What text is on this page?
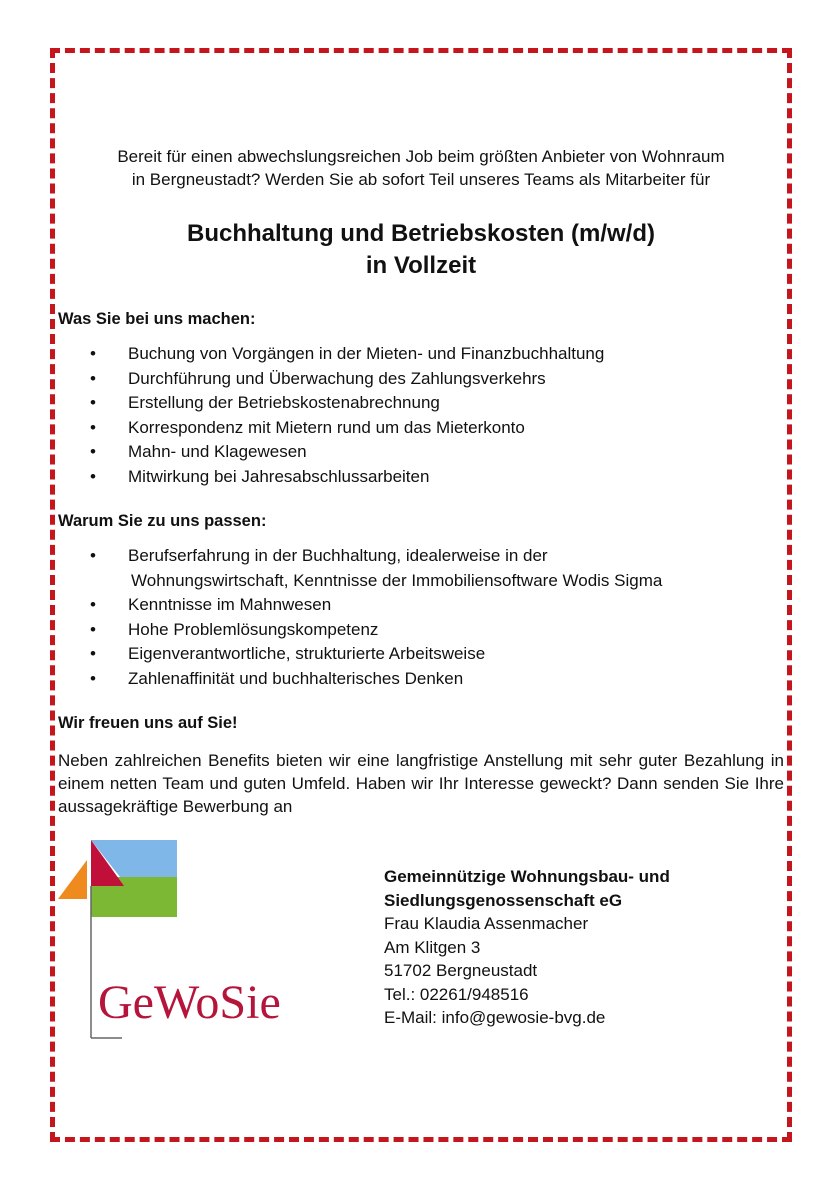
Bereit für einen abwechslungsreichen Job beim größten Anbieter von Wohnraum
in Bergneustadt? Werden Sie ab sofort Teil unseres Teams als Mitarbeiter für
Buchhaltung und Betriebskosten (m/w/d)
in Vollzeit
Was Sie bei uns machen:
• Buchung von Vorgängen in der Mieten- und Finanzbuchhaltung
• Durchführung und Überwachung des Zahlungsverkehrs
• Erstellung der Betriebskostenabrechnung
• Korrespondenz mit Mietern rund um das Mieterkonto
• Mahn- und Klagewesen
• Mitwirkung bei Jahresabschlussarbeiten
Warum Sie zu uns passen:
• Berufserfahrung in der Buchhaltung, idealerweise in der
Wohnungswirtschaft, Kenntnisse der Immobiliensoftware Wodis Sigma
• Kenntnisse im Mahnwesen
• Hohe Problemlösungskompetenz
• Eigenverantwortliche, strukturierte Arbeitsweise
• Zahlenaffinität und buchhalterisches Denken
Wir freuen uns auf Sie!
Neben zahlreichen Benefits bieten wir eine langfristige Anstellung mit sehr guter Bezahlung in einem netten Team und guten Umfeld. Haben wir Ihr Interesse geweckt? Dann senden Sie Ihre aussagekräftige Bewerbung an
GeWoSie
Gemeinnützige Wohnungsbau- und
Siedlungsgenossenschaft eG
Frau Klaudia Assenmacher
Am Klitgen 3
51702 Bergneustadt
Tel.: 02261/948516
E-Mail: info@gewosie-bvg.de
